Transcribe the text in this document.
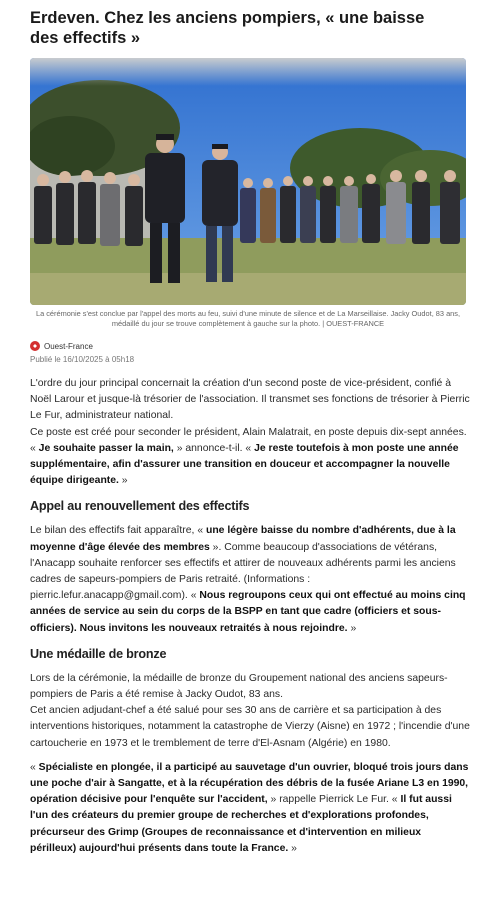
Erdeven. Chez les anciens pompiers, « une baisse des effectifs »
La cérémonie s'est conclue par l'appel des morts au feu, suivi d'une minute de silence et de La Marseillaise. Jacky Oudot, 83 ans, médaillé du jour se trouve complètement à gauche sur la photo. | OUEST-FRANCE
Ouest-France
Publié le 16/10/2025 à 05h18

L'ordre du jour principal concernait la création d'un second poste de vice-président, confié à Noël Larour et jusque-là trésorier de l'association. Il transmet ses fonctions de trésorier à Pierric Le Fur, administrateur national.

Ce poste est créé pour seconder le président, Alain Malatrait, en poste depuis dix-sept années. « Je souhaite passer la main, » annonce-t-il. « Je reste toutefois à mon poste une année supplémentaire, afin d'assurer une transition en douceur et accompagner la nouvelle équipe dirigeante. »

Appel au renouvellement des effectifs

Le bilan des effectifs fait apparaître, « une légère baisse du nombre d'adhérents, due à la moyenne d'âge élevée des membres ». Comme beaucoup d'associations de vétérans, l'Anacapp souhaite renforcer ses effectifs et attirer de nouveaux adhérents parmi les anciens cadres de sapeurs-pompiers de Paris retraité. (Informations : pierric.lefur.anacapp@gmail.com). « Nous regroupons ceux qui ont effectué au moins cinq années de service au sein du corps de la BSPP en tant que cadre (officiers et sous-officiers). Nous invitons les nouveaux retraités à nous rejoindre. »

Une médaille de bronze

Lors de la cérémonie, la médaille de bronze du Groupement national des anciens sapeurs-pompiers de Paris a été remise à Jacky Oudot, 83 ans.

Cet ancien adjudant-chef a été salué pour ses 30 ans de carrière et sa participation à des interventions historiques, notamment la catastrophe de Vierzy (Aisne) en 1972 ; l'incendie d'une cartoucherie en 1973 et le tremblement de terre d'El-Asnam (Algérie) en 1980.

« Spécialiste en plongée, il a participé au sauvetage d'un ouvrier, bloqué trois jours dans une poche d'air à Sangatte, et à la récupération des débris de la fusée Ariane L3 en 1990, opération décisive pour l'enquête sur l'accident, » rappelle Pierrick Le Fur. « Il fut aussi l'un des créateurs du premier groupe de recherches et d'explorations profondes, précurseur des Grimp (Groupes de reconnaissance et d'intervention en milieux périlleux) aujourd'hui présents dans toute la France. »
